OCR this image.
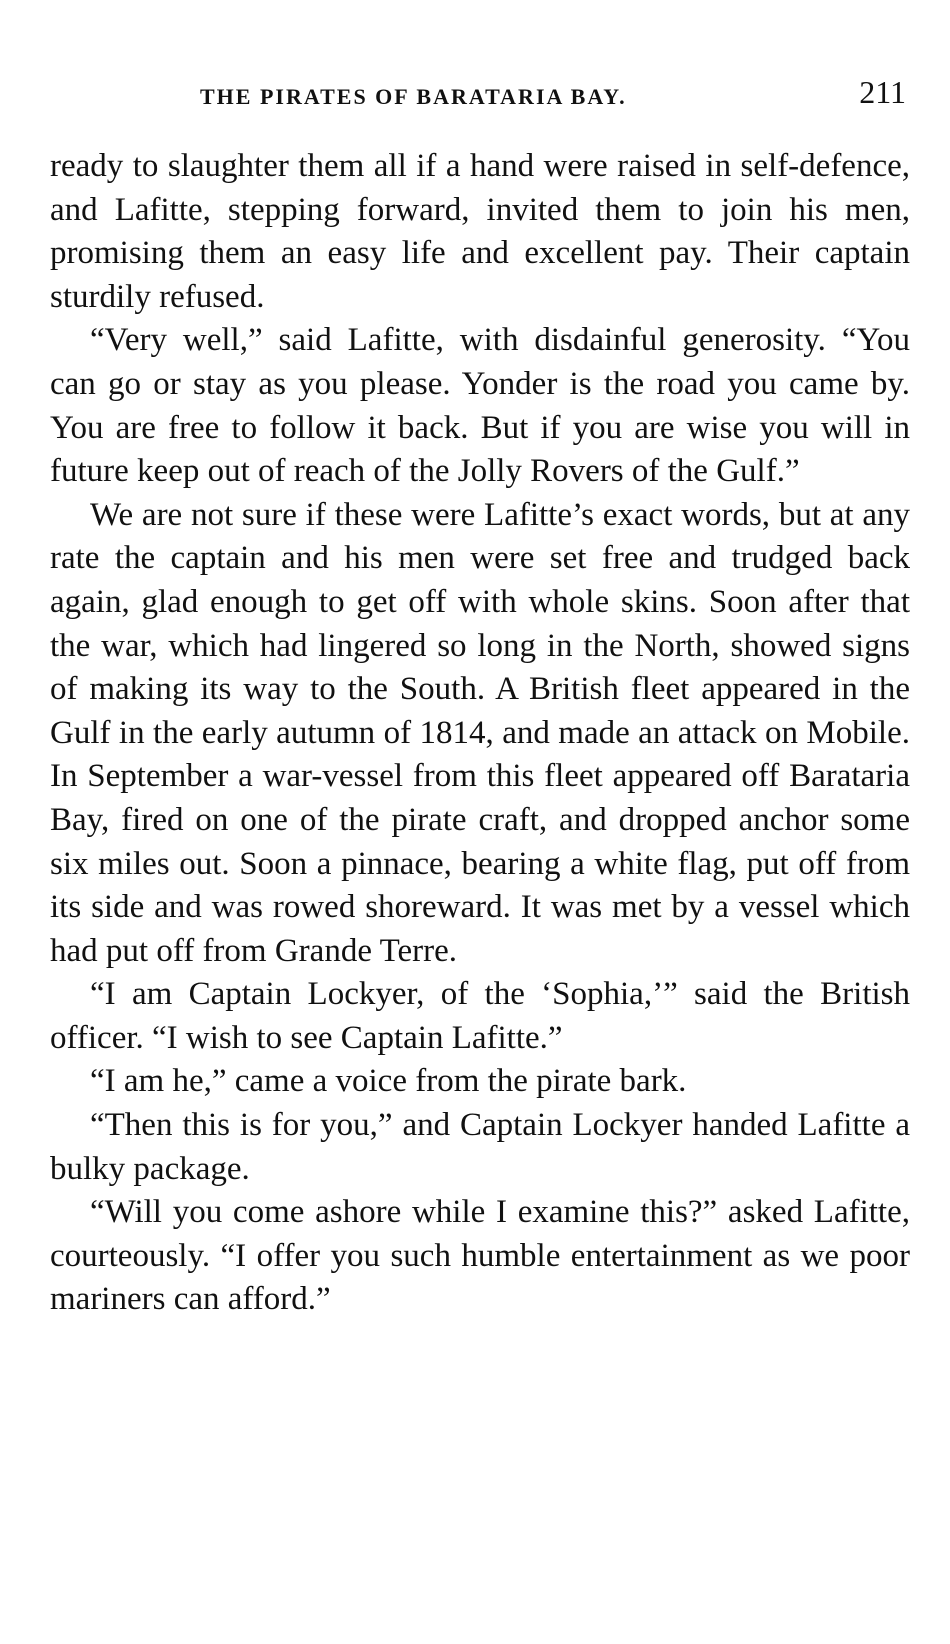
THE PIRATES OF BARATARIA BAY.	211

ready to slaughter them all if a hand were raised in self-defence, and Lafitte, stepping forward, invited them to join his men, promising them an easy life and excellent pay. Their captain sturdily refused.

“Very well,” said Lafitte, with disdainful generosity. “You can go or stay as you please. Yonder is the road you came by. You are free to follow it back. But if you are wise you will in future keep out of reach of the Jolly Rovers of the Gulf.”

We are not sure if these were Lafitte’s exact words, but at any rate the captain and his men were set free and trudged back again, glad enough to get off with whole skins. Soon after that the war, which had lingered so long in the North, showed signs of making its way to the South. A British fleet appeared in the Gulf in the early autumn of 1814, and made an attack on Mobile. In September a war-vessel from this fleet appeared off Barataria Bay, fired on one of the pirate craft, and dropped anchor some six miles out. Soon a pinnace, bearing a white flag, put off from its side and was rowed shoreward. It was met by a vessel which had put off from Grande Terre.

“I am Captain Lockyer, of the ‘Sophia,’” said the British officer. “I wish to see Captain Lafitte.”

“I am he,” came a voice from the pirate bark.

“Then this is for you,” and Captain Lockyer handed Lafitte a bulky package.

“Will you come ashore while I examine this?” asked Lafitte, courteously. “I offer you such humble entertainment as we poor mariners can afford.”
